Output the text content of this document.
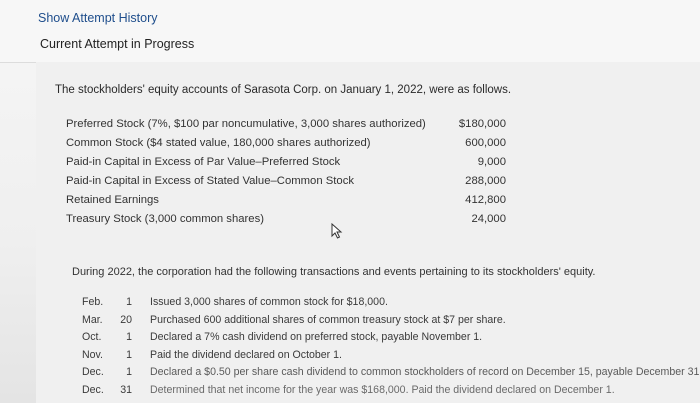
Show Attempt History
Current Attempt in Progress
The stockholders' equity accounts of Sarasota Corp. on January 1, 2022, were as follows.
Preferred Stock (7%, $100 par noncumulative, 3,000 shares authorized)	$180,000
Common Stock ($4 stated value, 180,000 shares authorized)	600,000
Paid-in Capital in Excess of Par Value–Preferred Stock	9,000
Paid-in Capital in Excess of Stated Value–Common Stock	288,000
Retained Earnings	412,800
Treasury Stock (3,000 common shares)	24,000
During 2022, the corporation had the following transactions and events pertaining to its stockholders' equity.
Feb.	1 Issued 3,000 shares of common stock for $18,000.
Mar.	20 Purchased 600 additional shares of common treasury stock at $7 per share.
Oct.	1 Declared a 7% cash dividend on preferred stock, payable November 1.
Nov.	1 Paid the dividend declared on October 1.
Dec.	1 Declared a $0.50 per share cash dividend to common stockholders of record on December 15, payable December 31
Dec.	31 Determined that net income for the year was $168,000. Paid the dividend declared on December 1.
